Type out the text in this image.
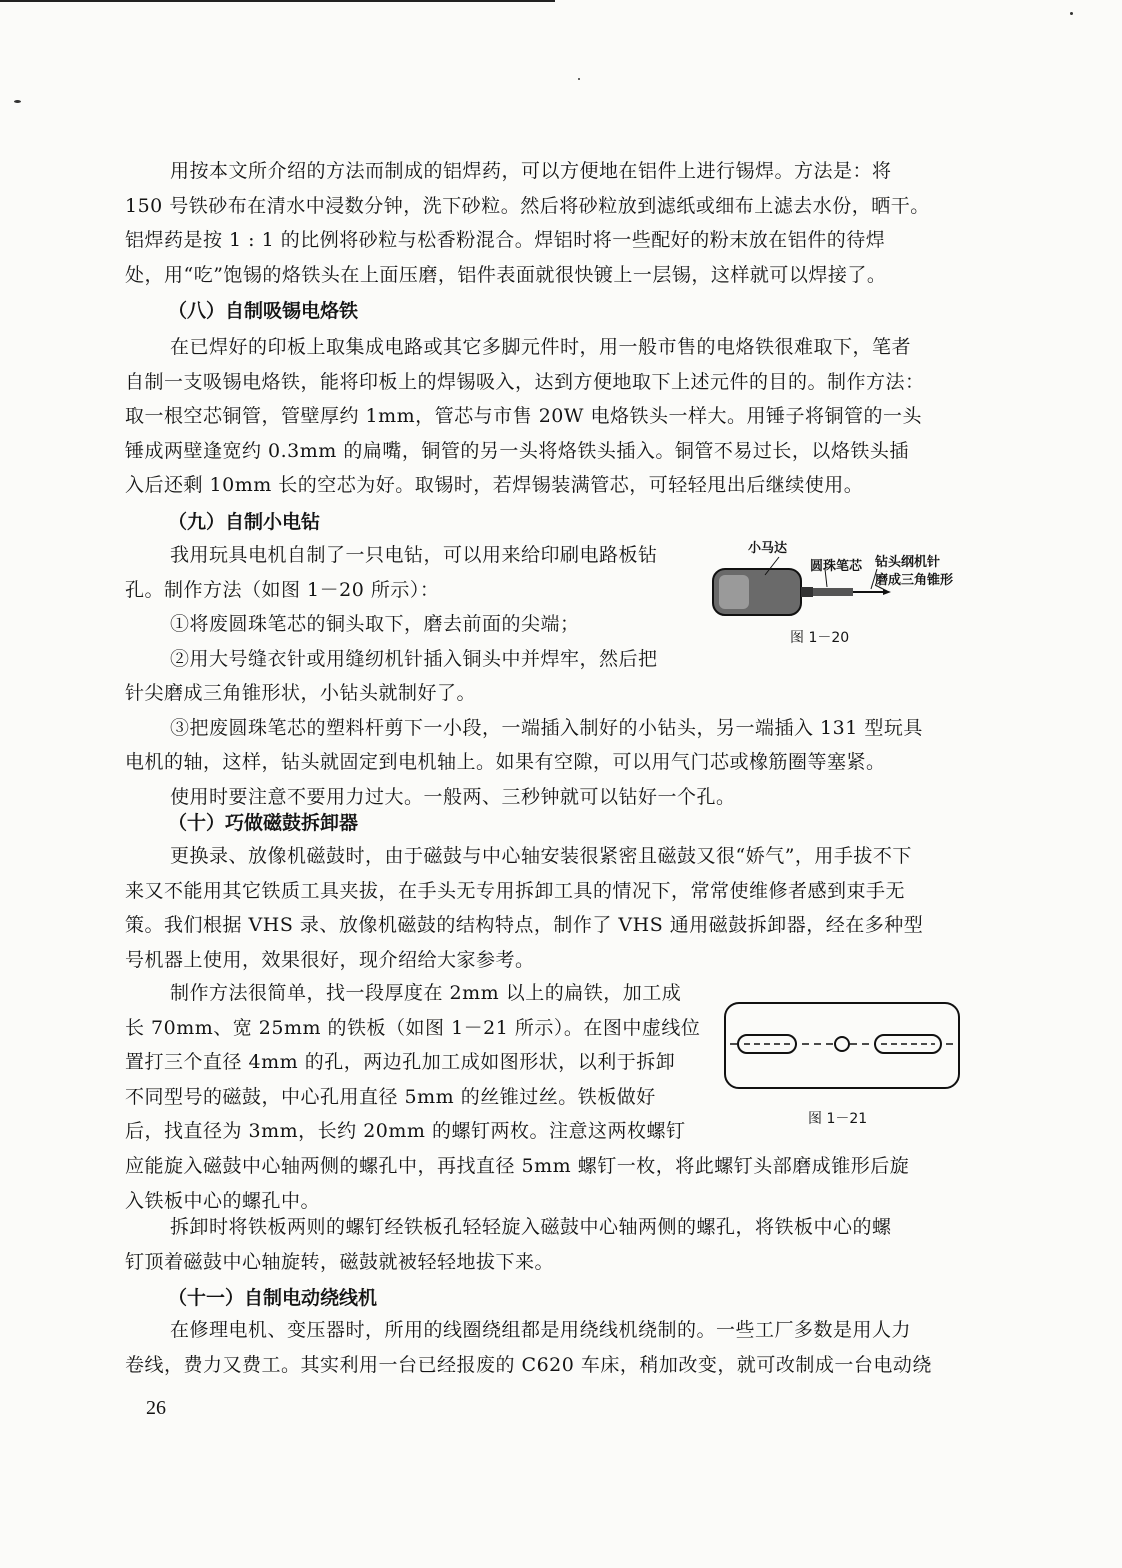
用按本文所介绍的方法而制成的铝焊药，可以方便地在铝件上进行锡焊。方法是：将
150 号铁砂布在清水中浸数分钟，洗下砂粒。然后将砂粒放到滤纸或细布上滤去水份，晒干。
铝焊药是按 1 : 1 的比例将砂粒与松香粉混合。焊铝时将一些配好的粉末放在铝件的待焊
处，用“吃”饱锡的烙铁头在上面压磨，铝件表面就很快镀上一层锡，这样就可以焊接了。
（八）自制吸锡电烙铁
在已焊好的印板上取集成电路或其它多脚元件时，用一般市售的电烙铁很难取下，笔者
自制一支吸锡电烙铁，能将印板上的焊锡吸入，达到方便地取下上述元件的目的。制作方法：
取一根空芯铜管，管壁厚约 1mm，管芯与市售 20W 电烙铁头一样大。用锤子将铜管的一头
锤成两壁逢宽约 0.3mm 的扁嘴，铜管的另一头将烙铁头插入。铜管不易过长，以烙铁头插
入后还剩 10mm 长的空芯为好。取锡时，若焊锡装满管芯，可轻轻甩出后继续使用。
（九）自制小电钻
我用玩具电机自制了一只电钻，可以用来给印刷电路板钻
孔。制作方法（如图 1－20 所示）：
①将废圆珠笔芯的铜头取下，磨去前面的尖端；
②用大号缝衣针或用缝纫机针插入铜头中并焊牢，然后把
针尖磨成三角锥形状，小钻头就制好了。
③把废圆珠笔芯的塑料杆剪下一小段，一端插入制好的小钻头，另一端插入 131 型玩具
电机的轴，这样，钻头就固定到电机轴上。如果有空隙，可以用气门芯或橡筋圈等塞紧。
使用时要注意不要用力过大。一般两、三秒钟就可以钻好一个孔。
小马达
圆珠笔芯 钻头纲机针
磨成三角锥形
图 1－20
（十）巧做磁鼓拆卸器
更换录、放像机磁鼓时，由于磁鼓与中心轴安装很紧密且磁鼓又很“娇气”，用手拔不下
来又不能用其它铁质工具夹拔，在手头无专用拆卸工具的情况下，常常使维修者感到束手无
策。我们根据 VHS 录、放像机磁鼓的结构特点，制作了 VHS 通用磁鼓拆卸器，经在多种型
号机器上使用，效果很好，现介绍给大家参考。
制作方法很简单，找一段厚度在 2mm 以上的扁铁，加工成
长 70mm、宽 25mm 的铁板（如图 1－21 所示）。在图中虚线位
置打三个直径 4mm 的孔，两边孔加工成如图形状，以利于拆卸
不同型号的磁鼓，中心孔用直径 5mm 的丝锥过丝。铁板做好
后，找直径为 3mm，长约 20mm 的螺钉两枚。注意这两枚螺钉
图 1－21
应能旋入磁鼓中心轴两侧的螺孔中，再找直径 5mm 螺钉一枚，将此螺钉头部磨成锥形后旋
入铁板中心的螺孔中。
拆卸时将铁板两则的螺钉经铁板孔轻轻旋入磁鼓中心轴两侧的螺孔，将铁板中心的螺
钉顶着磁鼓中心轴旋转，磁鼓就被轻轻地拔下来。
（十一）自制电动绕线机
在修理电机、变压器时，所用的线圈绕组都是用绕线机绕制的。一些工厂多数是用人力
卷线，费力又费工。其实利用一台已经报废的 C620 车床，稍加改变，就可改制成一台电动绕
26
